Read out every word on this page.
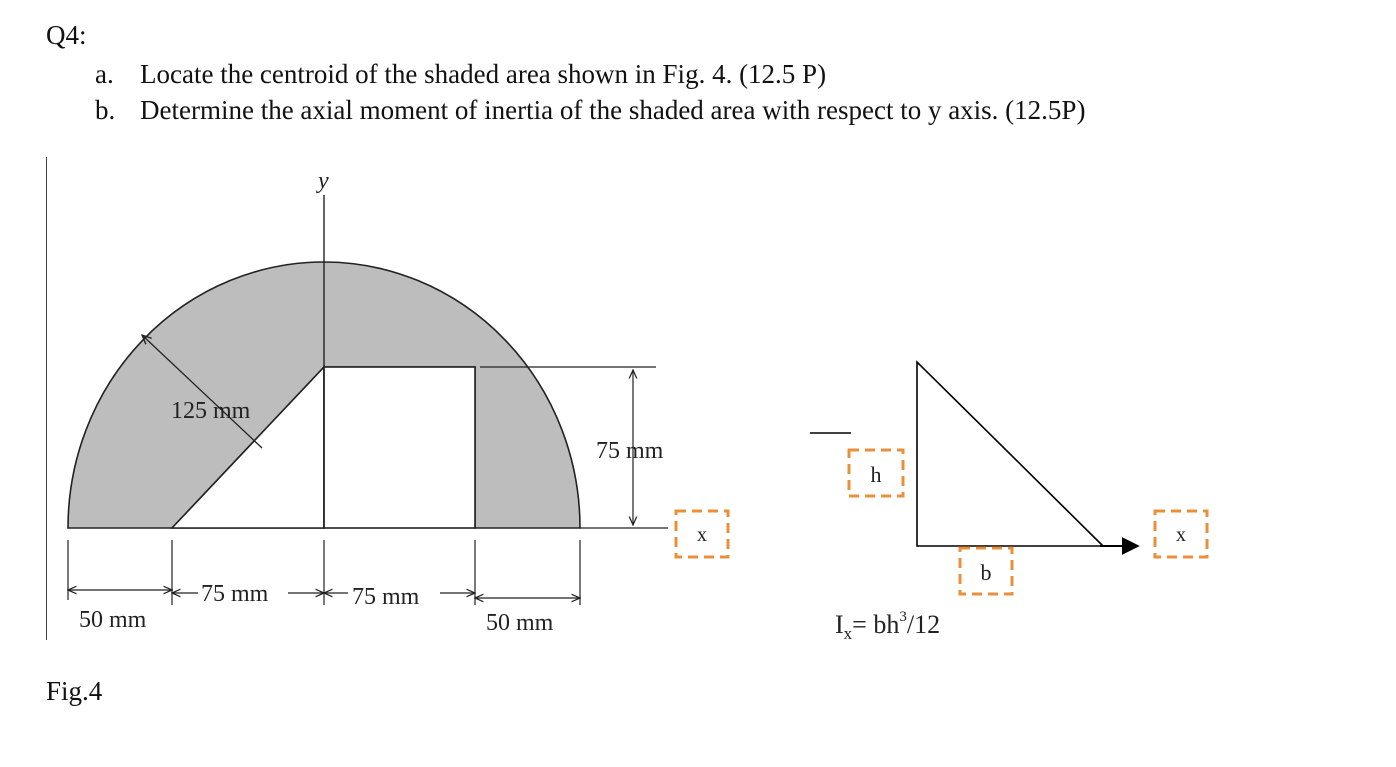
Q4:
a. Locate the centroid of the shaded area shown in Fig. 4. (12.5 P)
b. Determine the axial moment of inertia of the shaded area with respect to y axis. (12.5P)
y
125 mm
75 mm
50 mm
75 mm	75 mm
50 mm
x
h
b
x
$I_x= bh^3/12$
Fig.4
